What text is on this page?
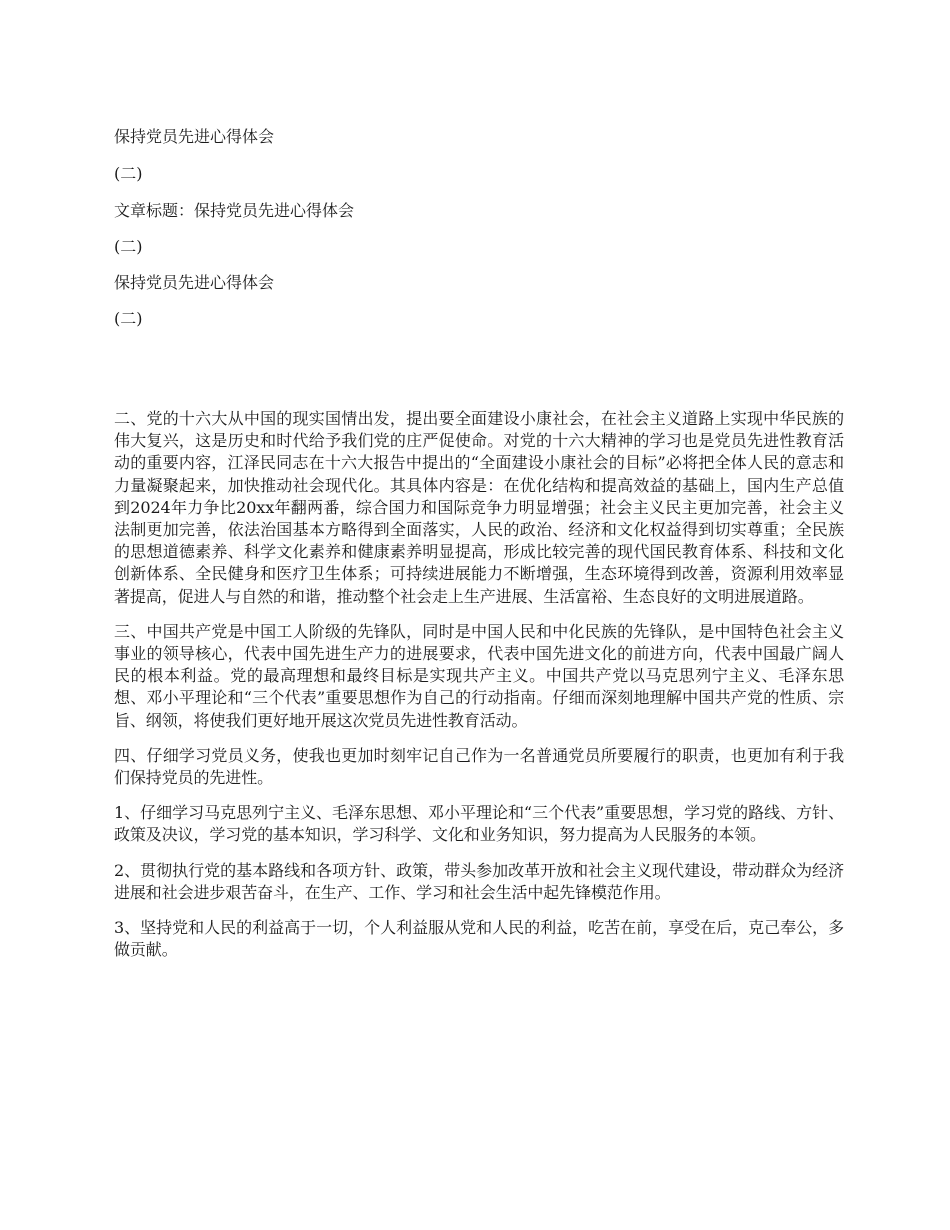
保持党员先进心得体会
(二)
文章标题：保持党员先进心得体会
(二)
保持党员先进心得体会
(二)

二、党的十六大从中国的现实国情出发，提出要全面建设小康社会，在社会主义道路上实现中华民族的伟大复兴，这是历史和时代给予我们党的庄严促使命。对党的十六大精神的学习也是党员先进性教育活动的重要内容，江泽民同志在十六大报告中提出的“全面建设小康社会的目标”必将把全体人民的意志和力量凝聚起来，加快推动社会现代化。其具体内容是：在优化结构和提高效益的基础上，国内生产总值到2024年力争比20xx年翻两番，综合国力和国际竞争力明显增强；社会主义民主更加完善，社会主义法制更加完善，依法治国基本方略得到全面落实，人民的政治、经济和文化权益得到切实尊重；全民族的思想道德素养、科学文化素养和健康素养明显提高，形成比较完善的现代国民教育体系、科技和文化创新体系、全民健身和医疗卫生体系；可持续进展能力不断增强，生态环境得到改善，资源利用效率显著提高，促进人与自然的和谐，推动整个社会走上生产进展、生活富裕、生态良好的文明进展道路。

三、中国共产党是中国工人阶级的先锋队，同时是中国人民和中化民族的先锋队，是中国特色社会主义事业的领导核心，代表中国先进生产力的进展要求，代表中国先进文化的前进方向，代表中国最广阔人民的根本利益。党的最高理想和最终目标是实现共产主义。中国共产党以马克思列宁主义、毛泽东思想、邓小平理论和“三个代表”重要思想作为自己的行动指南。仔细而深刻地理解中国共产党的性质、宗旨、纲领，将使我们更好地开展这次党员先进性教育活动。

四、仔细学习党员义务，使我也更加时刻牢记自己作为一名普通党员所要履行的职责，也更加有利于我们保持党员的先进性。

1、仔细学习马克思列宁主义、毛泽东思想、邓小平理论和“三个代表”重要思想，学习党的路线、方针、政策及决议，学习党的基本知识，学习科学、文化和业务知识，努力提高为人民服务的本领。

2、贯彻执行党的基本路线和各项方针、政策，带头参加改革开放和社会主义现代建设，带动群众为经济进展和社会进步艰苦奋斗，在生产、工作、学习和社会生活中起先锋模范作用。

3、坚持党和人民的利益高于一切，个人利益服从党和人民的利益，吃苦在前，享受在后，克己奉公，多做贡献。
